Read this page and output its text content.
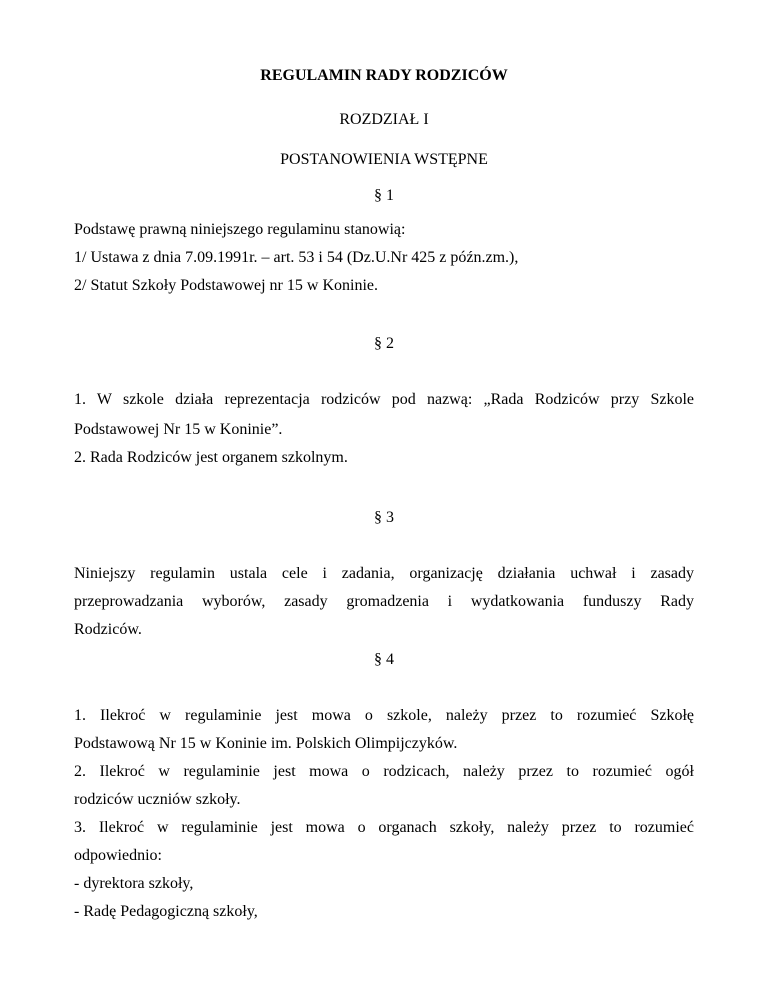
REGULAMIN RADY RODZICÓW
ROZDZIAŁ I
POSTANOWIENIA WSTĘPNE
§ 1
Podstawę prawną niniejszego regulaminu stanowią:
1/ Ustawa z dnia 7.09.1991r. – art. 53 i 54 (Dz.U.Nr 425 z późn.zm.),
2/ Statut Szkoły Podstawowej nr 15 w Koninie.
§ 2
1. W szkole działa reprezentacja rodziców pod nazwą: „Rada Rodziców przy Szkole
Podstawowej Nr 15 w Koninie”.
2. Rada Rodziców jest organem szkolnym.
§ 3
Niniejszy regulamin ustala cele i zadania, organizację działania uchwał i zasady
przeprowadzania wyborów, zasady gromadzenia i wydatkowania funduszy Rady
Rodziców.
§ 4
1. Ilekroć w regulaminie jest mowa o szkole, należy przez to rozumieć Szkołę
Podstawową Nr 15 w Koninie im. Polskich Olimpijczyków.
2. Ilekroć w regulaminie jest mowa o rodzicach, należy przez to rozumieć ogół
rodziców uczniów szkoły.
3. Ilekroć w regulaminie jest mowa o organach szkoły, należy przez to rozumieć
odpowiednio:
- dyrektora szkoły,
- Radę Pedagogiczną szkoły,
